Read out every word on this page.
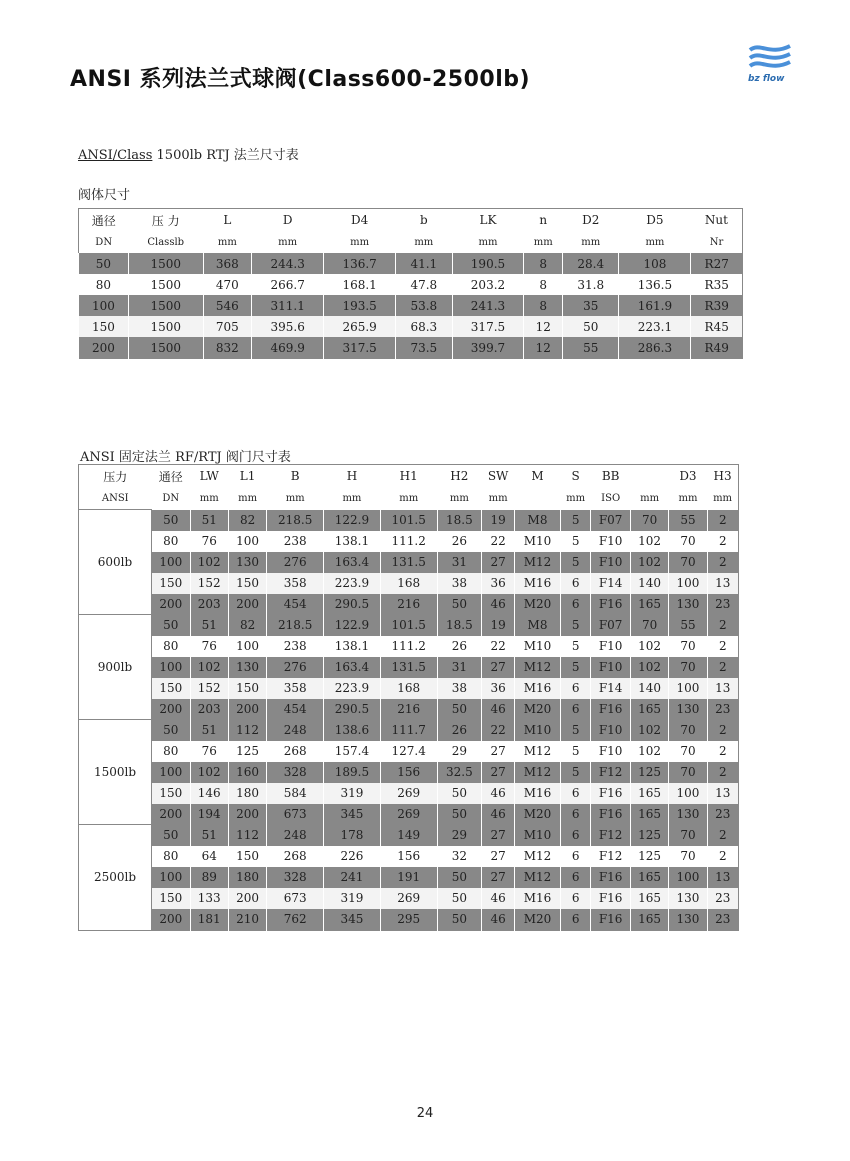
ANSI 系列法兰式球阀(Class600-2500lb)	bz flow
ANSI/Class 1500lb RTJ 法兰尺寸表
阀体尺寸
通径	压 力	L	D	D4	b	LK	n	D2	D5	Nut
DN	Classlb	mm	mm	mm	mm	mm	mm	mm	mm	Nr
50	1500	368	244.3	136.7	41.1	190.5	8	28.4	108	R27
80	1500	470	266.7	168.1	47.8	203.2	8	31.8	136.5	R35
100	1500	546	311.1	193.5	53.8	241.3	8	35	161.9	R39
150	1500	705	395.6	265.9	68.3	317.5	12	50	223.1	R45
200	1500	832	469.9	317.5	73.5	399.7	12	55	286.3	R49
ANSI 固定法兰 RF/RTJ 阀门尺寸表
压力	通径	LW	L1	B	H	H1	H2	SW	M	S	BB		D3	H3
ANSI	DN	mm	mm	mm	mm	mm	mm	mm		mm	ISO	mm	mm	mm
600lb	50	51	82	218.5	122.9	101.5	18.5	19	M8	5	F07	70	55	2
	80	76	100	238	138.1	111.2	26	22	M10	5	F10	102	70	2
	100	102	130	276	163.4	131.5	31	27	M12	5	F10	102	70	2
	150	152	150	358	223.9	168	38	36	M16	6	F14	140	100	13
	200	203	200	454	290.5	216	50	46	M20	6	F16	165	130	23
900lb	50	51	82	218.5	122.9	101.5	18.5	19	M8	5	F07	70	55	2
	80	76	100	238	138.1	111.2	26	22	M10	5	F10	102	70	2
	100	102	130	276	163.4	131.5	31	27	M12	5	F10	102	70	2
	150	152	150	358	223.9	168	38	36	M16	6	F14	140	100	13
	200	203	200	454	290.5	216	50	46	M20	6	F16	165	130	23
1500lb	50	51	112	248	138.6	111.7	26	22	M10	5	F10	102	70	2
	80	76	125	268	157.4	127.4	29	27	M12	5	F10	102	70	2
	100	102	160	328	189.5	156	32.5	27	M12	5	F12	125	70	2
	150	146	180	584	319	269	50	46	M16	6	F16	165	100	13
	200	194	200	673	345	269	50	46	M20	6	F16	165	130	23
2500lb	50	51	112	248	178	149	29	27	M10	6	F12	125	70	2
	80	64	150	268	226	156	32	27	M12	6	F12	125	70	2
	100	89	180	328	241	191	50	27	M12	6	F16	165	100	13
	150	133	200	673	319	269	50	46	M16	6	F16	165	130	23
	200	181	210	762	345	295	50	46	M20	6	F16	165	130	23
24
